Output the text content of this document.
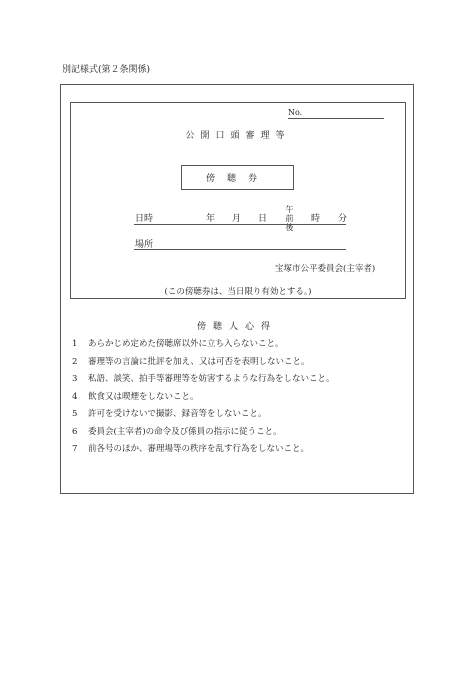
別記様式(第２条関係)
No.
公開口頭審理等
傍聴券
日時	年 月 日
午前
後
時 分
場所
宝塚市公平委員会(主宰者)
(この傍聴券は、当日限り有効とする。)
傍聴人心得
1	あらかじめ定めた傍聴席以外に立ち入らないこと。
2	審理等の言論に批評を加え、又は可否を表明しないこと。
3	私語、談笑、拍手等審理等を妨害するような行為をしないこと。
4	飲食又は喫煙をしないこと。
5	許可を受けないで撮影、録音等をしないこと。
6	委員会(主宰者)の命令及び係員の指示に従うこと。
7	前各号のほか、審理場等の秩序を乱す行為をしないこと。
